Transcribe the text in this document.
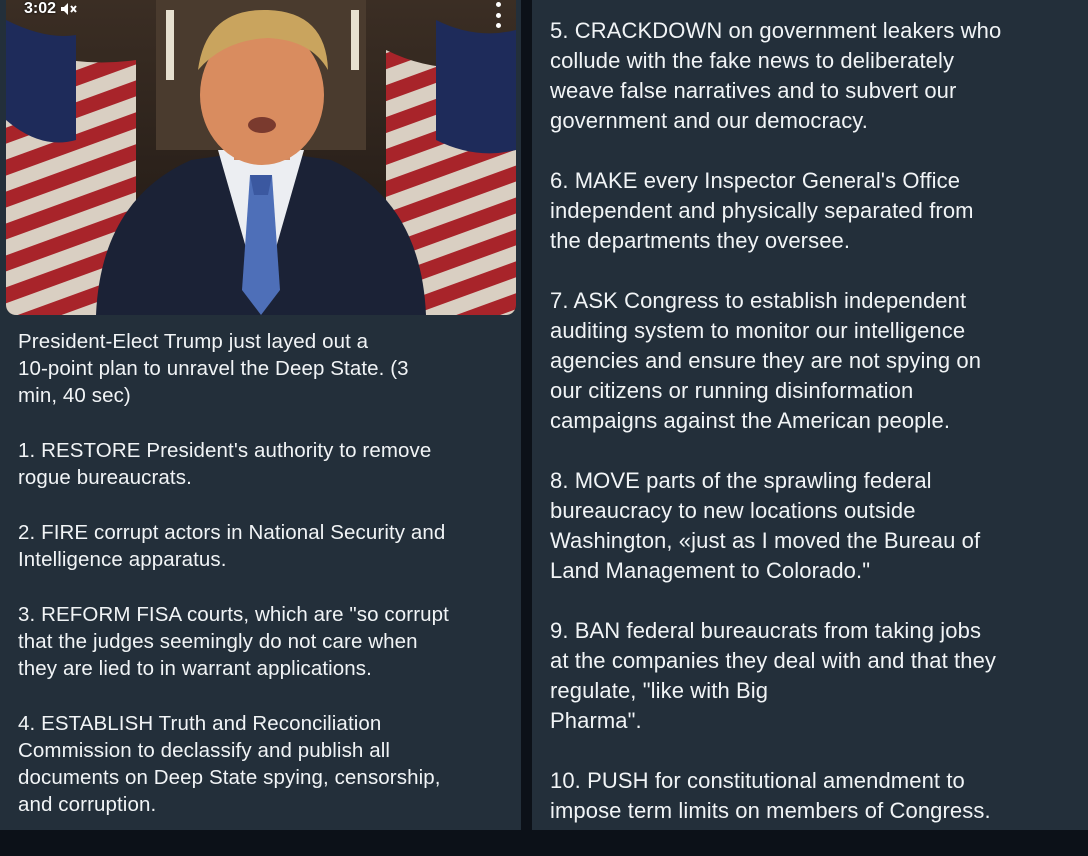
3:02

President-Elect Trump just layed out a
10-point plan to unravel the Deep State. (3
min, 40 sec)

1. RESTORE President's authority to remove
rogue bureaucrats.

2. FIRE corrupt actors in National Security and
Intelligence apparatus.

3. REFORM FISA courts, which are "so corrupt
that the judges seemingly do not care when
they are lied to in warrant applications.

4. ESTABLISH Truth and Reconciliation
Commission to declassify and publish all
documents on Deep State spying, censorship,
and corruption.

5. CRACKDOWN on government leakers who
collude with the fake news to deliberately
weave false narratives and to subvert our
government and our democracy.

6. MAKE every Inspector General's Office
independent and physically separated from
the departments they oversee.

7. ASK Congress to establish independent
auditing system to monitor our intelligence
agencies and ensure they are not spying on
our citizens or running disinformation
campaigns against the American people.

8. MOVE parts of the sprawling federal
bureaucracy to new locations outside
Washington, «just as I moved the Bureau of
Land Management to Colorado."

9. BAN federal bureaucrats from taking jobs
at the companies they deal with and that they
regulate, "like with Big
Pharma".

10. PUSH for constitutional amendment to
impose term limits on members of Congress.
